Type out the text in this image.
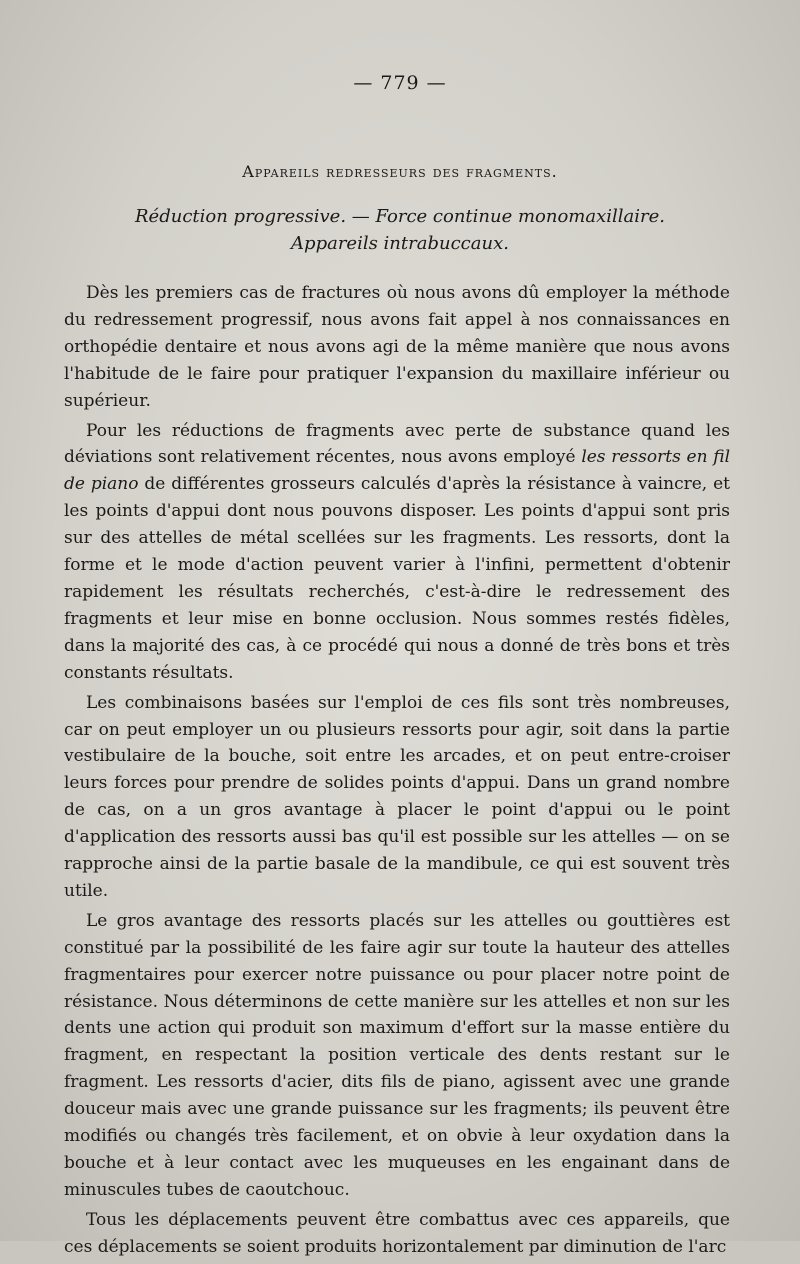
— 779 —
Appareils redresseurs des fragments.
Réduction progressive. — Force continue monomaxillaire.
Appareils intrabuccaux.

Dès les premiers cas de fractures où nous avons dû employer la méthode du redressement progressif, nous avons fait appel à nos connaissances en orthopédie dentaire et nous avons agi de la même manière que nous avons l'habitude de le faire pour pratiquer l'expansion du maxillaire inférieur ou supérieur.

Pour les réductions de fragments avec perte de substance quand les déviations sont relativement récentes, nous avons employé les ressorts en fil de piano de différentes grosseurs calculés d'après la résistance à vaincre, et les points d'appui dont nous pouvons disposer. Les points d'appui sont pris sur des attelles de métal scellées sur les fragments. Les ressorts, dont la forme et le mode d'action peuvent varier à l'infini, permettent d'obtenir rapidement les résultats recherchés, c'est-à-dire le redressement des fragments et leur mise en bonne occlusion. Nous sommes restés fidèles, dans la majorité des cas, à ce procédé qui nous a donné de très bons et très constants résultats.

Les combinaisons basées sur l'emploi de ces fils sont très nombreuses, car on peut employer un ou plusieurs ressorts pour agir, soit dans la partie vestibulaire de la bouche, soit entre les arcades, et on peut entre-croiser leurs forces pour prendre de solides points d'appui. Dans un grand nombre de cas, on a un gros avantage à placer le point d'appui ou le point d'application des ressorts aussi bas qu'il est possible sur les attelles — on se rapproche ainsi de la partie basale de la mandibule, ce qui est souvent très utile.

Le gros avantage des ressorts placés sur les attelles ou gouttières est constitué par la possibilité de les faire agir sur toute la hauteur des attelles fragmentaires pour exercer notre puissance ou pour placer notre point de résistance. Nous déterminons de cette manière sur les attelles et non sur les dents une action qui produit son maximum d'effort sur la masse entière du fragment, en respectant la position verticale des dents restant sur le fragment. Les ressorts d'acier, dits fils de piano, agissent avec une grande douceur mais avec une grande puissance sur les fragments; ils peuvent être modifiés ou changés très facilement, et on obvie à leur oxydation dans la bouche et à leur contact avec les muqueuses en les engainant dans de minuscules tubes de caoutchouc.

Tous les déplacements peuvent être combattus avec ces appareils, que ces déplacements se soient produits horizontalement par diminution de l'arc
